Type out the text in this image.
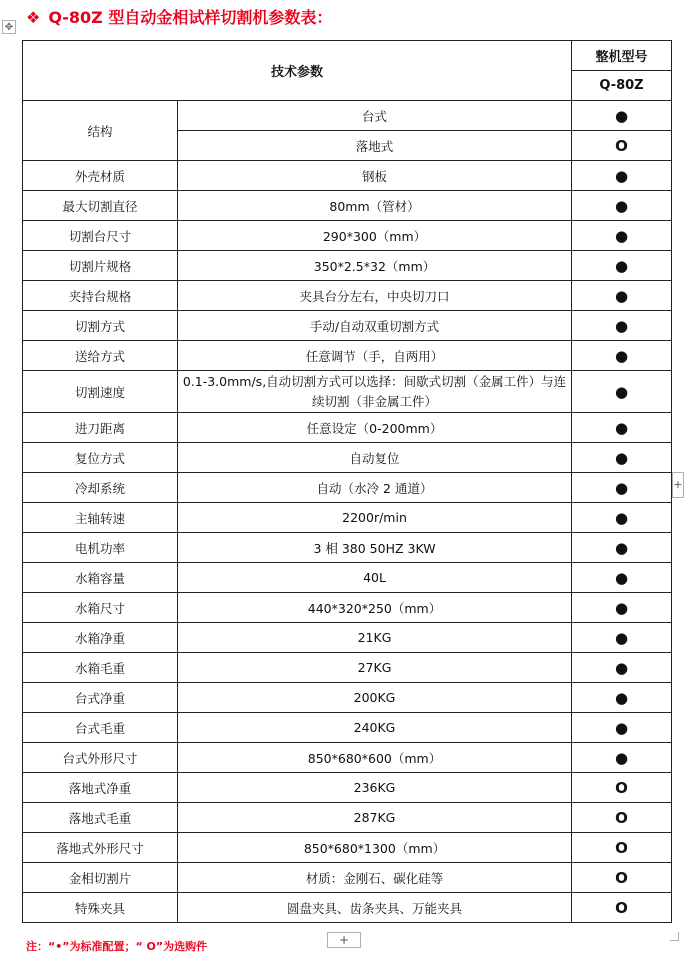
✥
❖ Q-80Z 型自动金相试样切割机参数表：
技术参数		整机型号
		Q-80Z
结构	台式	●
	落地式	O
外壳材质	钢板	●
最大切割直径	80mm（管材）	●
切割台尺寸	290*300（mm）	●
切割片规格	350*2.5*32（mm）	●
夹持台规格	夹具台分左右，中央切刀口	●
切割方式	手动/自动双重切割方式	●
送给方式	任意调节（手，自两用）	●
切割速度	0.1-3.0mm/s,自动切割方式可以选择：间歇式切割（金属工件）与连续切割（非金属工件）	●
进刀距离	任意设定（0-200mm）	●
复位方式	自动复位	●
冷却系统	自动（水冷 2 通道）	●
主轴转速	2200r/min	●
电机功率	3 相 380 50HZ 3KW	●
水箱容量	40L	●
水箱尺寸	440*320*250（mm）	●
水箱净重	21KG	●
水箱毛重	27KG	●
台式净重	200KG	●
台式毛重	240KG	●
台式外形尺寸	850*680*600（mm）	●
落地式净重	236KG	O
落地式毛重	287KG	O
落地式外形尺寸	850*680*1300（mm）	O
金相切割片	材质：金刚石、碳化硅等	O
特殊夹具	圆盘夹具、齿条夹具、万能夹具	O
注：“•”为标准配置；“ O”为选购件	+
+
